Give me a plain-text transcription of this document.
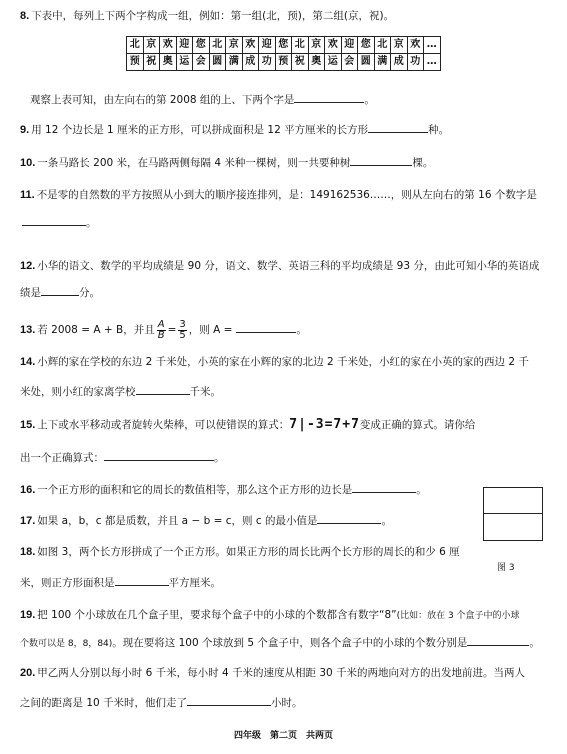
8. 下表中，每列上下两个字构成一组，例如：第一组(北，预)，第二组(京，祝)。
北	京	欢	迎	您	北	京	欢	迎	您	北	京	欢	迎	您	北	京	欢	…
预	祝	奥	运	会	圆	满	成	功	预	祝	奥	运	会	圆	满	成	功	…
观察上表可知，由左向右的第 2008 组的上、下两个字是	。
9. 用 12 个边长是 1 厘米的正方形，可以拼成面积是 12 平方厘米的长方形	种。
10. 一条马路长 200 米，在马路两侧每隔 4 米种一棵树，则一共要种树	棵。
11. 不是零的自然数的平方按照从小到大的顺序接连排列，是：149162536……，则从左向右的第 16 个数字是
。
12. 小华的语文、数学的平均成绩是 90 分，语文、数学、英语三科的平均成绩是 93 分，由此可知小华的英语成
绩是	分。
13. 若 2008 = A + B，并且 $\frac{A}{B} = \frac{3}{5}$ ，则 A =	。
14. 小辉的家在学校的东边 2 千米处，小英的家在小辉的家的北边 2 千米处，小红的家在小英的家的西边 2 千
米处，则小红的家离学校	千米。
15. 上下或水平移动或者旋转火柴棒，可以使错误的算式：7|-3=7+7变成正确的算式。请你给
出一个正确算式：	。
16. 一个正方形的面积和它的周长的数值相等，那么这个正方形的边长是	。
17. 如果 a，b，c 都是质数，并且 a − b = c，则 c 的最小值是	。
图 3
18. 如图 3，两个长方形拼成了一个正方形。如果正方形的周长比两个长方形的周长的和少 6 厘
米，则正方形面积是	平方厘米。
19. 把 100 个小球放在几个盒子里，要求每个盒子中的小球的个数都含有数字“8”(比如：放在 3 个盒子中的小球
个数可以是 8，8，84)。现在要将这 100 个球放到 5 个盒子中，则各个盒子中的小球的个数分别是	。
20. 甲乙两人分别以每小时 6 千米，每小时 4 千米的速度从相距 30 千米的两地向对方的出发地前进。当两人
之间的距离是 10 千米时，他们走了	小时。
四年级　第二页　共两页
